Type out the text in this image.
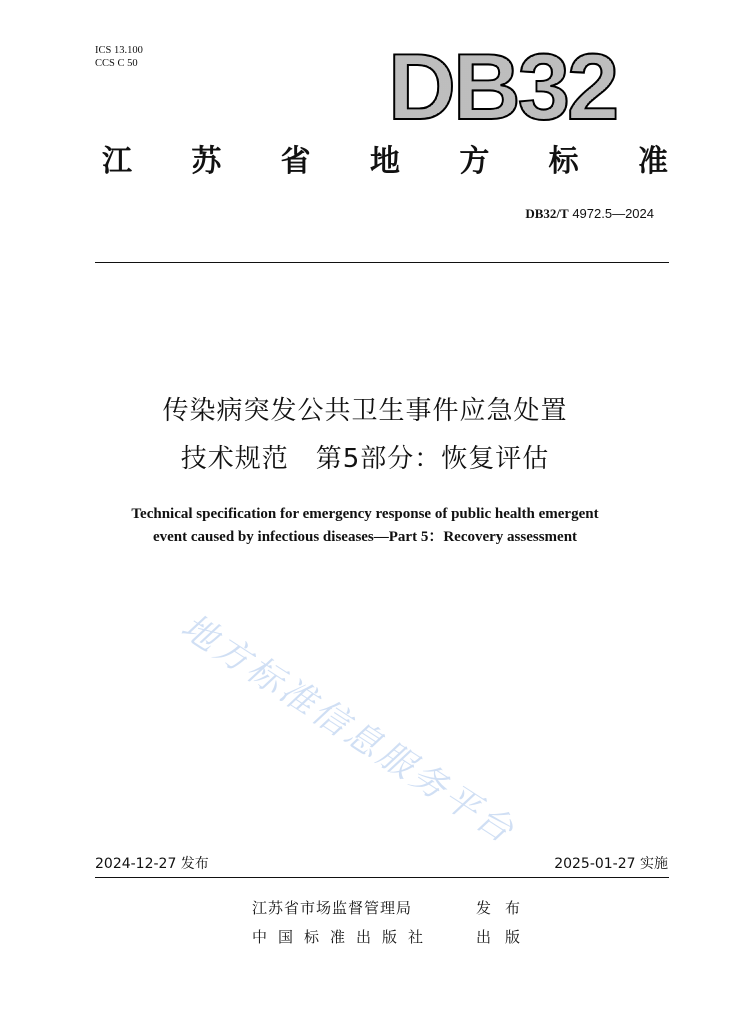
ICS 13.100
CCS C 50	DB32
江 苏 省 地 方 标 准
DB32/T 4972.5—2024
传染病突发公共卫生事件应急处置
技术规范　第5部分：恢复评估
Technical specification for emergency response of public health emergent
event caused by infectious diseases—Part 5：Recovery assessment
地方标准信息服务平台
2024-12-27 发布	2025-01-27 实施
江苏省市场监督管理局	发布
中国标准出版社	出版
